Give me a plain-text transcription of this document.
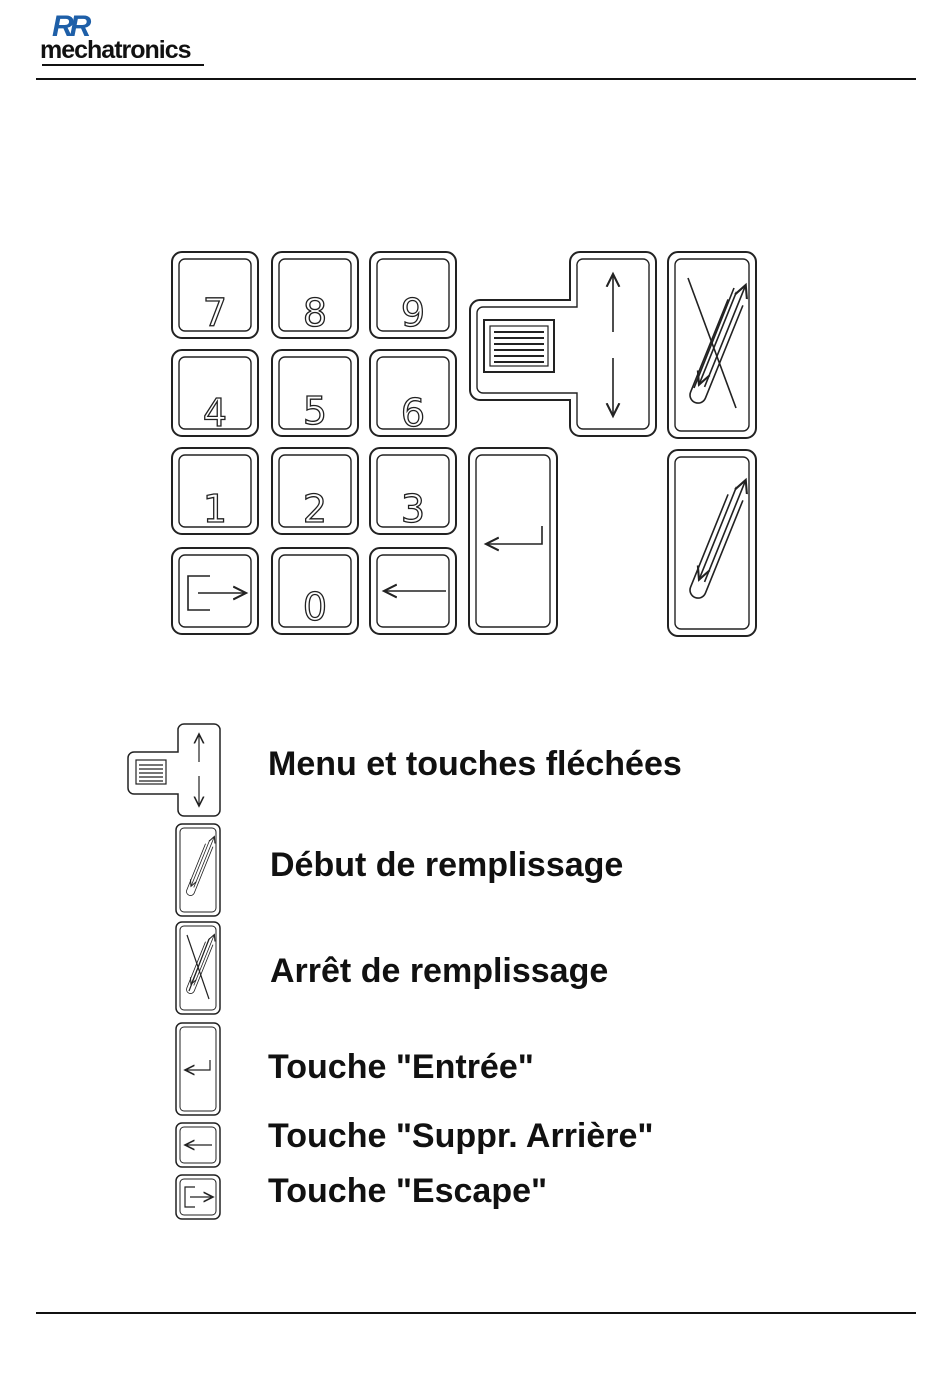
RR
mechatronics
7 8 9
4 5 6
1 2 3
0
Menu et touches fléchées
Début de remplissage
Arrêt de remplissage
Touche "Entrée"
Touche "Suppr. Arrière"
Touche "Escape"
